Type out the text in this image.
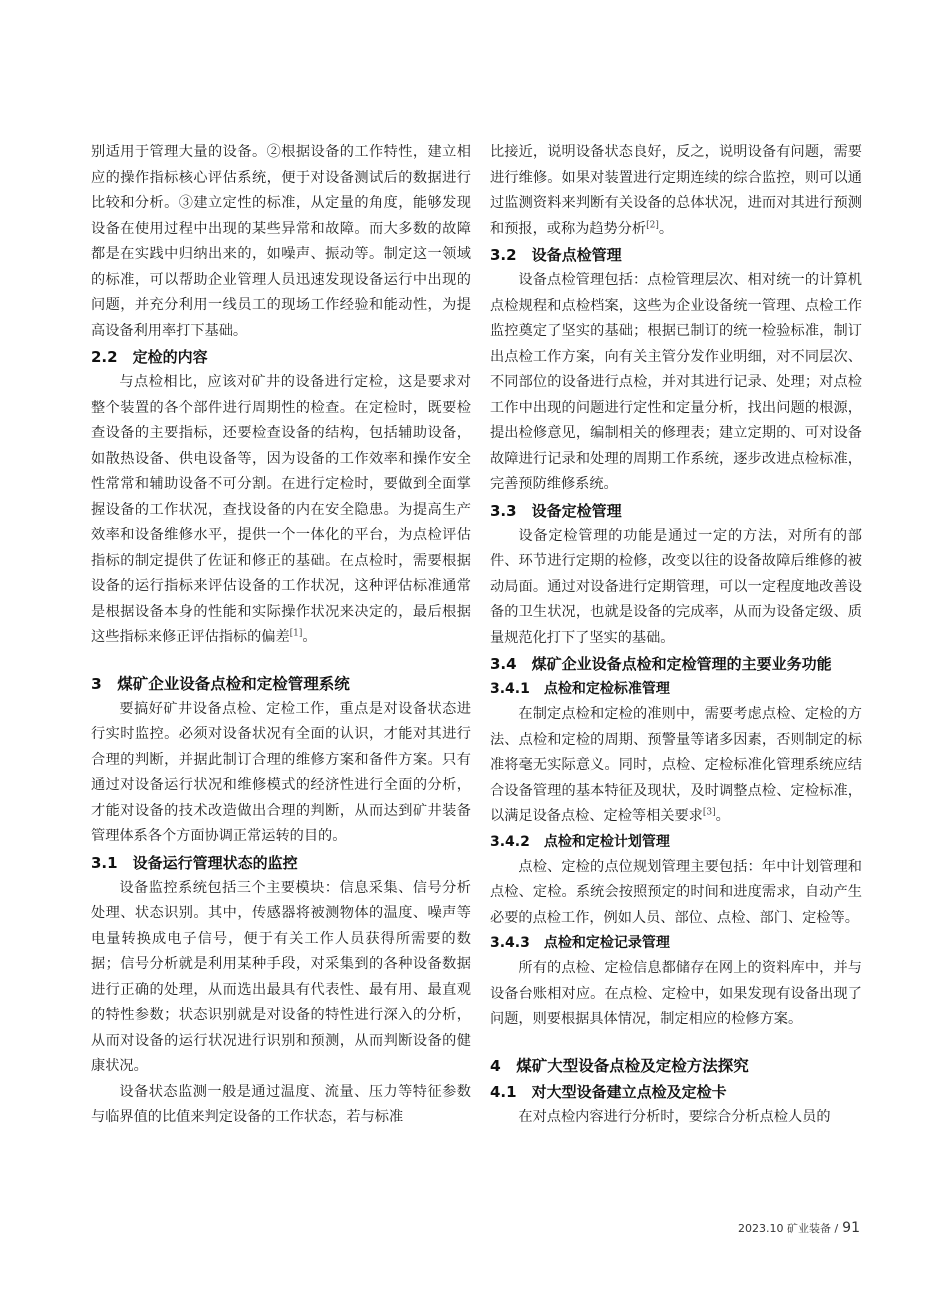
别适用于管理大量的设备。②根据设备的工作特性，建立相应的操作指标核心评估系统，便于对设备测试后的数据进行比较和分析。③建立定性的标准，从定量的角度，能够发现设备在使用过程中出现的某些异常和故障。而大多数的故障都是在实践中归纳出来的，如噪声、振动等。制定这一领域的标准，可以帮助企业管理人员迅速发现设备运行中出现的问题，并充分利用一线员工的现场工作经验和能动性，为提高设备利用率打下基础。

2.2　定检的内容

与点检相比，应该对矿井的设备进行定检，这是要求对整个装置的各个部件进行周期性的检查。在定检时，既要检查设备的主要指标，还要检查设备的结构，包括辅助设备，如散热设备、供电设备等，因为设备的工作效率和操作安全性常常和辅助设备不可分割。在进行定检时，要做到全面掌握设备的工作状况，查找设备的内在安全隐患。为提高生产效率和设备维修水平，提供一个一体化的平台，为点检评估指标的制定提供了佐证和修正的基础。在点检时，需要根据设备的运行指标来评估设备的工作状况，这种评估标准通常是根据设备本身的性能和实际操作状况来决定的，最后根据这些指标来修正评估指标的偏差[1]。

3　煤矿企业设备点检和定检管理系统

要搞好矿井设备点检、定检工作，重点是对设备状态进行实时监控。必须对设备状况有全面的认识，才能对其进行合理的判断，并据此制订合理的维修方案和备件方案。只有通过对设备运行状况和维修模式的经济性进行全面的分析，才能对设备的技术改造做出合理的判断，从而达到矿井装备管理体系各个方面协调正常运转的目的。

3.1　设备运行管理状态的监控

设备监控系统包括三个主要模块：信息采集、信号分析处理、状态识别。其中，传感器将被测物体的温度、噪声等电量转换成电子信号，便于有关工作人员获得所需要的数据；信号分析就是利用某种手段，对采集到的各种设备数据进行正确的处理，从而选出最具有代表性、最有用、最直观的特性参数；状态识别就是对设备的特性进行深入的分析，从而对设备的运行状况进行识别和预测，从而判断设备的健康状况。

设备状态监测一般是通过温度、流量、压力等特征参数与临界值的比值来判定设备的工作状态，若与标准

比接近，说明设备状态良好，反之，说明设备有问题，需要进行维修。如果对装置进行定期连续的综合监控，则可以通过监测资料来判断有关设备的总体状况，进而对其进行预测和预报，或称为趋势分析[2]。

3.2　设备点检管理

设备点检管理包括：点检管理层次、相对统一的计算机点检规程和点检档案，这些为企业设备统一管理、点检工作监控奠定了坚实的基础；根据已制订的统一检验标准，制订出点检工作方案，向有关主管分发作业明细，对不同层次、不同部位的设备进行点检，并对其进行记录、处理；对点检工作中出现的问题进行定性和定量分析，找出问题的根源，提出检修意见，编制相关的修理表；建立定期的、可对设备故障进行记录和处理的周期工作系统，逐步改进点检标准，完善预防维修系统。

3.3　设备定检管理

设备定检管理的功能是通过一定的方法，对所有的部件、环节进行定期的检修，改变以往的设备故障后维修的被动局面。通过对设备进行定期管理，可以一定程度地改善设备的卫生状况，也就是设备的完成率，从而为设备定级、质量规范化打下了坚实的基础。

3.4　煤矿企业设备点检和定检管理的主要业务功能
3.4.1　点检和定检标准管理

在制定点检和定检的准则中，需要考虑点检、定检的方法、点检和定检的周期、预警量等诸多因素，否则制定的标准将毫无实际意义。同时，点检、定检标准化管理系统应结合设备管理的基本特征及现状，及时调整点检、定检标准，以满足设备点检、定检等相关要求[3]。

3.4.2　点检和定检计划管理

点检、定检的点位规划管理主要包括：年中计划管理和点检、定检。系统会按照预定的时间和进度需求，自动产生必要的点检工作，例如人员、部位、点检、部门、定检等。

3.4.3　点检和定检记录管理

所有的点检、定检信息都储存在网上的资料库中，并与设备台账相对应。在点检、定检中，如果发现有设备出现了问题，则要根据具体情况，制定相应的检修方案。

4　煤矿大型设备点检及定检方法探究
4.1　对大型设备建立点检及定检卡

在对点检内容进行分析时，要综合分析点检人员的

2023.10 矿业装备 / 91
